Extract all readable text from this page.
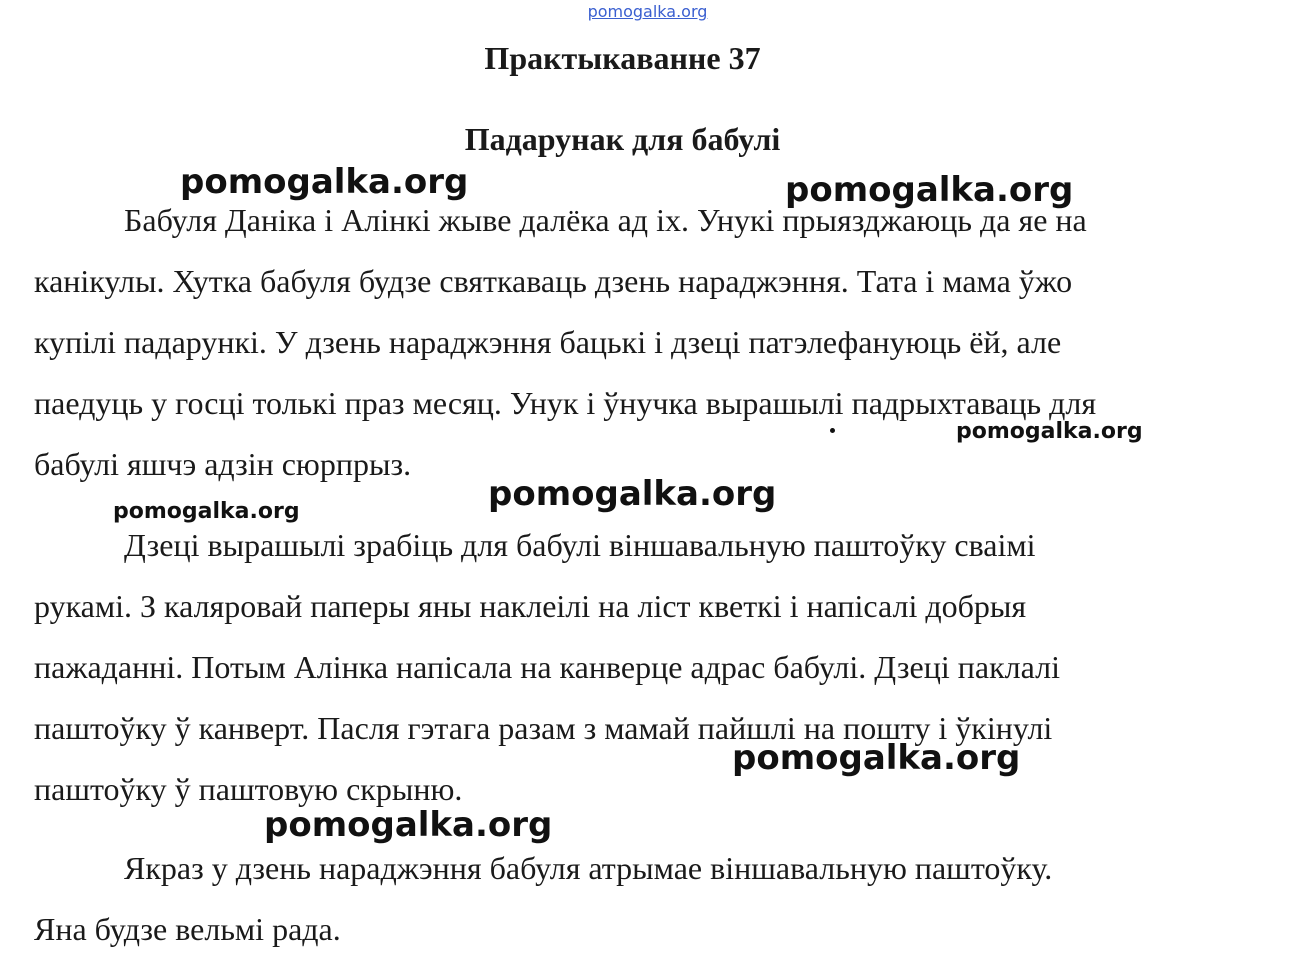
pomogalka.org
Практыкаванне 37
Падарунак для бабулі
Бабуля Даніка і Алінкі жыве далёка ад іх. Унукі прыязджаюць да яе на
канікулы. Хутка бабуля будзе святкаваць дзень нараджэння. Тата і мама ўжо
купілі падарункі. У дзень нараджэння бацькі і дзеці патэлефануюць ёй, але
паедуць у госці толькі праз месяц. Унук і ўнучка вырашылі падрыхтаваць для
бабулі яшчэ адзін сюрпрыз.
Дзеці вырашылі зрабіць для бабулі віншавальную паштоўку сваімі
рукамі. З каляровай паперы яны наклеілі на ліст кветкі і напісалі добрыя
пажаданні. Потым Алінка напісала на канверце адрас бабулі. Дзеці паклалі
паштоўку ў канверт. Пасля гэтага разам з мамай пайшлі на пошту і ўкінулі
паштоўку ў паштовую скрыню.
Якраз у дзень нараджэння бабуля атрымае віншавальную паштоўку.
Яна будзе вельмі рада.
pomogalka.org	pomogalka.org
pomogalka.org
pomogalka.org
pomogalka.org
pomogalka.org
pomogalka.org
